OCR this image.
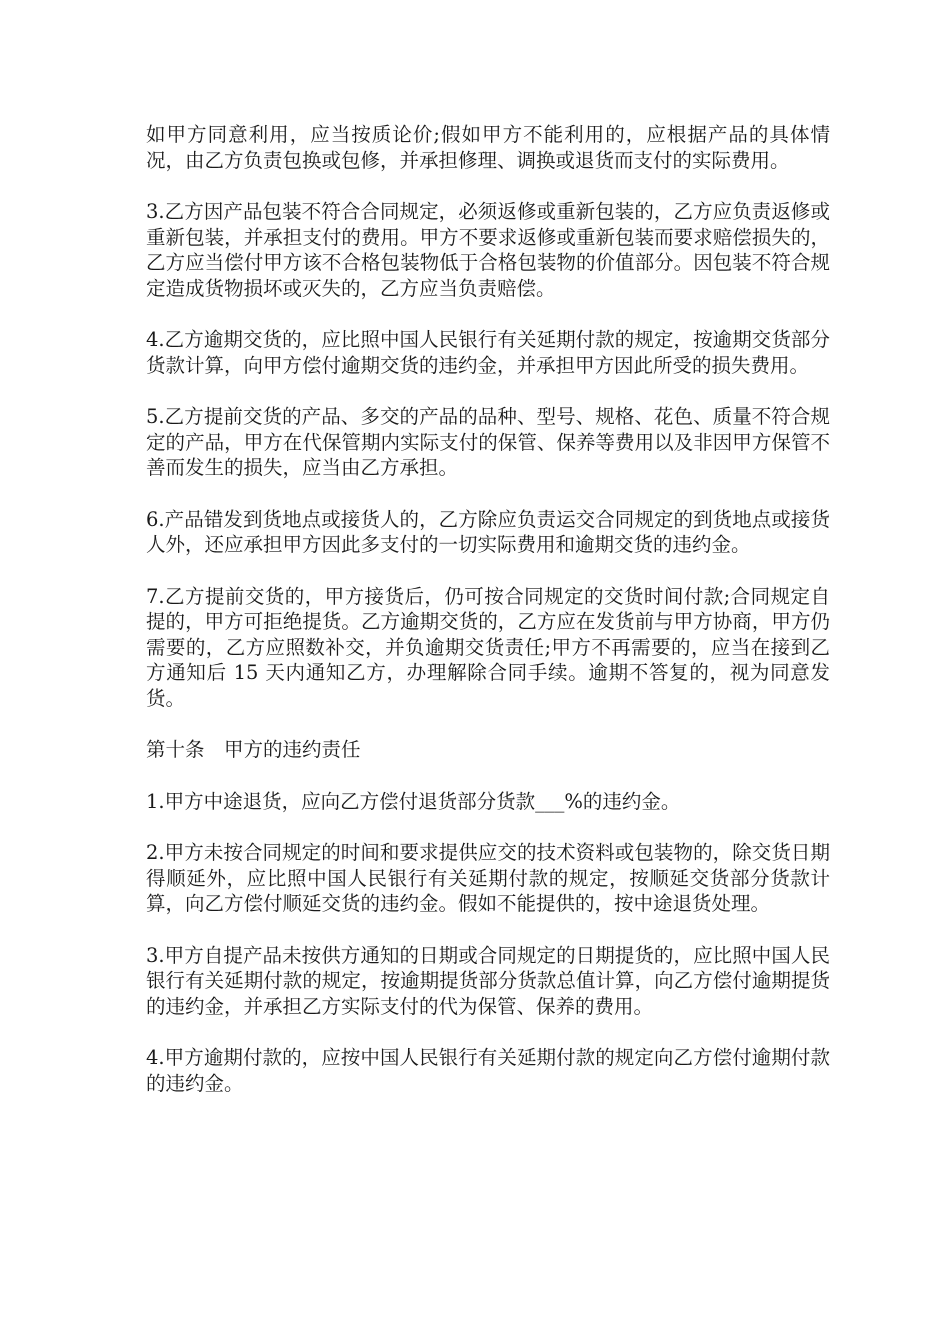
如甲方同意利用，应当按质论价;假如甲方不能利用的，应根据产品的具体情况，由乙方负责包换或包修，并承担修理、调换或退货而支付的实际费用。

3.乙方因产品包装不符合合同规定，必须返修或重新包装的，乙方应负责返修或重新包装，并承担支付的费用。甲方不要求返修或重新包装而要求赔偿损失的，乙方应当偿付甲方该不合格包装物低于合格包装物的价值部分。因包装不符合规定造成货物损坏或灭失的，乙方应当负责赔偿。

4.乙方逾期交货的，应比照中国人民银行有关延期付款的规定，按逾期交货部分货款计算，向甲方偿付逾期交货的违约金，并承担甲方因此所受的损失费用。

5.乙方提前交货的产品、多交的产品的品种、型号、规格、花色、质量不符合规定的产品，甲方在代保管期内实际支付的保管、保养等费用以及非因甲方保管不善而发生的损失，应当由乙方承担。

6.产品错发到货地点或接货人的，乙方除应负责运交合同规定的到货地点或接货人外，还应承担甲方因此多支付的一切实际费用和逾期交货的违约金。

7.乙方提前交货的，甲方接货后，仍可按合同规定的交货时间付款;合同规定自提的，甲方可拒绝提货。乙方逾期交货的，乙方应在发货前与甲方协商，甲方仍需要的，乙方应照数补交，并负逾期交货责任;甲方不再需要的，应当在接到乙方通知后 15 天内通知乙方，办理解除合同手续。逾期不答复的，视为同意发货。

第十条　甲方的违约责任

1.甲方中途退货，应向乙方偿付退货部分货款___%的违约金。

2.甲方未按合同规定的时间和要求提供应交的技术资料或包装物的，除交货日期得顺延外，应比照中国人民银行有关延期付款的规定，按顺延交货部分货款计算，向乙方偿付顺延交货的违约金。假如不能提供的，按中途退货处理。

3.甲方自提产品未按供方通知的日期或合同规定的日期提货的，应比照中国人民银行有关延期付款的规定，按逾期提货部分货款总值计算，向乙方偿付逾期提货的违约金，并承担乙方实际支付的代为保管、保养的费用。

4.甲方逾期付款的，应按中国人民银行有关延期付款的规定向乙方偿付逾期付款的违约金。
